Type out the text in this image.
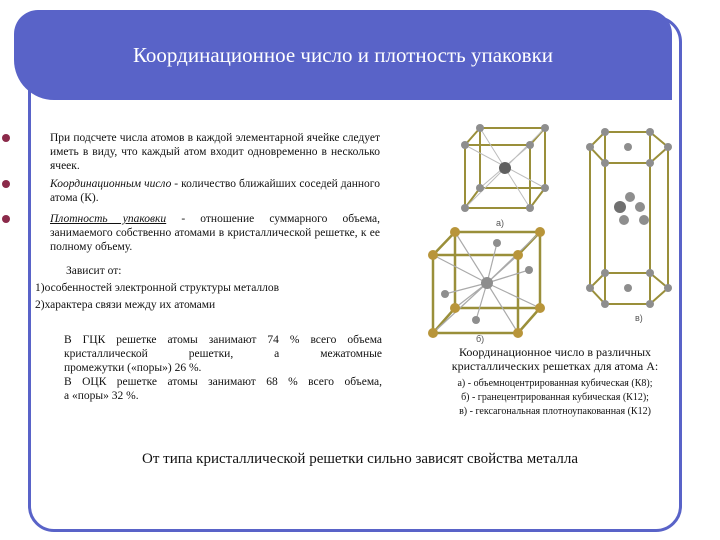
Координационное число и плотность упаковки
При подсчете числа атомов в каждой элементарной ячейке следует иметь в виду, что каждый атом входит одновременно в несколько ячеек.
Координационным число - количество ближайших соседей данного атома (К).
Плотность упаковки - отношение суммарного объема, занимаемого собственно атомами в кристаллической решетке, к ее полному объему.
Зависит от:
1)особенностей электронной структуры металлов
2)характера связи между их атомами
В ГЦК решетке атомы занимают 74 % всего объема
кристаллической решетки, а межатомные
промежутки («поры») 26 %.
В ОЦК решетке атомы занимают 68 % всего объема,
а «поры» 32 %.
а)
б)
в)
Координационное число в различных кристаллических решетках для атома А:
а) - объемноцентрированная кубическая (К8);
б) - гранецентрированная кубическая (К12);
в) - гексагональная плотноупакованная (К12)
От типа кристаллической решетки сильно зависят свойства металла
